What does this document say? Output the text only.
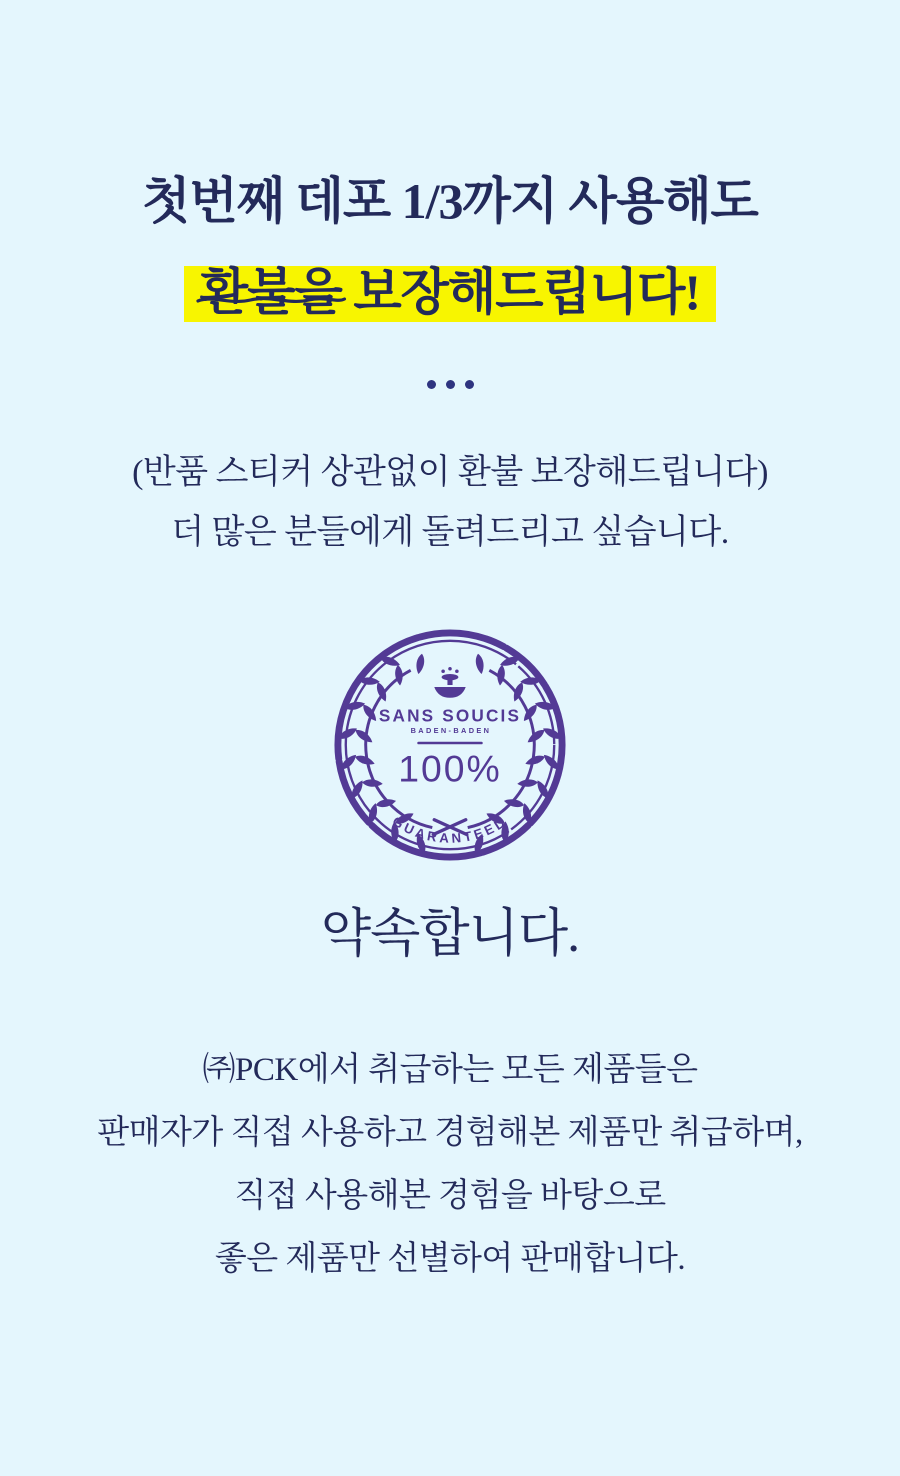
첫번째 데포 1/3까지 사용해도
환불을
보장해드립니다!
(반품 스티커 상관없이 환불 보장해드립니다)
더 많은 분들에게 돌려드리고 싶습니다.
SANS SOUCIS
BADEN-BADEN
100%
GUARANTEED
약속합니다.
㈜PCK에서 취급하는 모든 제품들은
판매자가 직접 사용하고 경험해본 제품만 취급하며,
직접 사용해본 경험을 바탕으로
좋은 제품만 선별하여 판매합니다.
